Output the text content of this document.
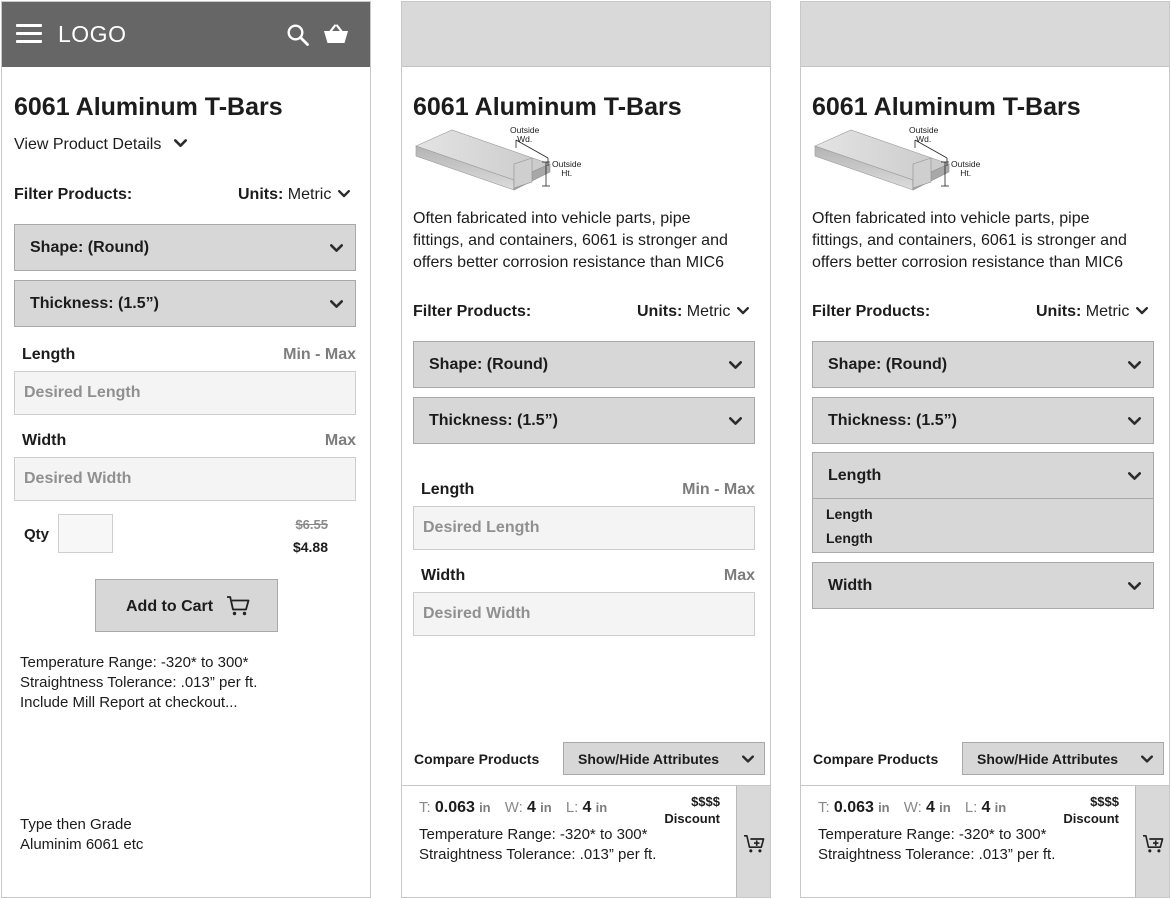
LOGO
6061 Aluminum T-Bars
View Product Details
Filter Products:	Units: Metric
Shape: (Round)
Thickness: (1.5”)
Length	Min - Max
Desired Length
Width	Max
Desired Width
Qty
$6.55
$4.88
Add to Cart
Temperature Range: -320* to 300*
Straightness Tolerance: .013” per ft.
Include Mill Report at checkout...
Type then Grade
Aluminim 6061 etc
6061 Aluminum T-Bars
Outside
Wd.
Outside
Ht.
Often fabricated into vehicle parts, pipe
fittings, and containers, 6061 is stronger and
offers better corrosion resistance than MIC6
Filter Products:	Units: Metric
Shape: (Round)
Thickness: (1.5”)
Length	Min - Max
Desired Length
Width	Max
Desired Width
Compare Products	Show/Hide Attributes
T: 0.063 in W: 4 in L: 4 in	$$$$
Discount
Temperature Range: -320* to 300*
Straightness Tolerance: .013” per ft.
6061 Aluminum T-Bars
Outside
Wd.
Outside
Ht.
Often fabricated into vehicle parts, pipe
fittings, and containers, 6061 is stronger and
offers better corrosion resistance than MIC6
Filter Products:	Units: Metric
Shape: (Round)
Thickness: (1.5”)
Length
Length
Length
Width
Compare Products	Show/Hide Attributes
T: 0.063 in W: 4 in L: 4 in	$$$$
Discount
Temperature Range: -320* to 300*
Straightness Tolerance: .013” per ft.
